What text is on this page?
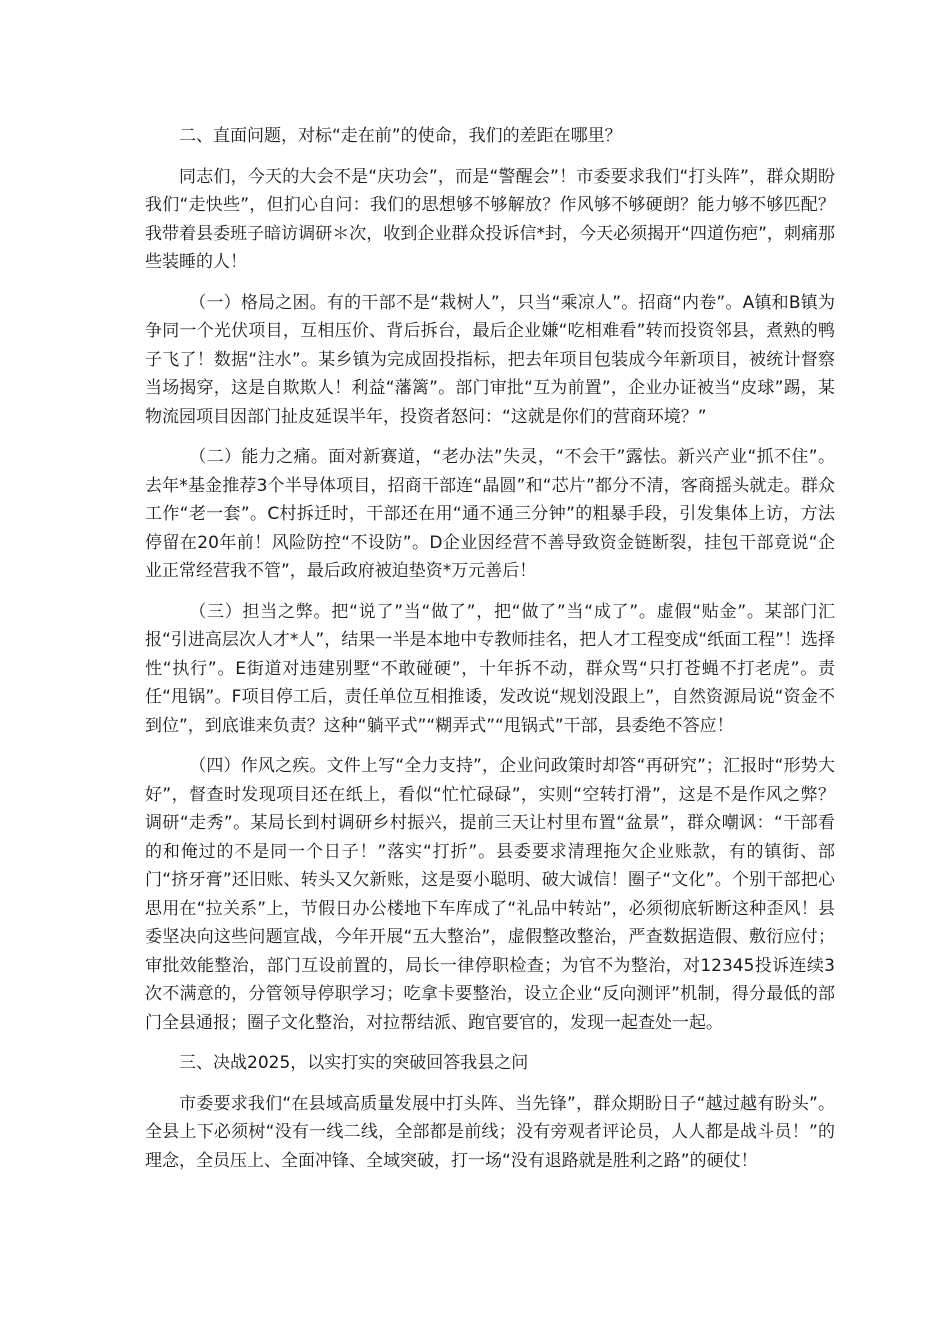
二、直面问题，对标“走在前”的使命，我们的差距在哪里？

同志们，今天的大会不是“庆功会”，而是“警醒会”！市委要求我们“打头阵”，群众期盼我们“走快些”，但扪心自问：我们的思想够不够解放？作风够不够硬朗？能力够不够匹配？我带着县委班子暗访调研＊次，收到企业群众投诉信*封，今天必须揭开“四道伤疤”，刺痛那些装睡的人！

（一）格局之困。有的干部不是“栽树人”，只当“乘凉人”。招商“内卷”。A镇和B镇为争同一个光伏项目，互相压价、背后拆台，最后企业嫌“吃相难看”转而投资邻县，煮熟的鸭子飞了！数据“注水”。某乡镇为完成固投指标，把去年项目包装成今年新项目，被统计督察当场揭穿，这是自欺欺人！利益“藩篱”。部门审批“互为前置”，企业办证被当“皮球”踢，某物流园项目因部门扯皮延误半年，投资者怒问：“这就是你们的营商环境？”

（二）能力之痛。面对新赛道，“老办法”失灵，“不会干”露怯。新兴产业“抓不住”。去年*基金推荐3个半导体项目，招商干部连“晶圆”和“芯片”都分不清，客商摇头就走。群众工作“老一套”。C村拆迁时，干部还在用“通不通三分钟”的粗暴手段，引发集体上访，方法停留在20年前！风险防控“不设防”。D企业因经营不善导致资金链断裂，挂包干部竟说“企业正常经营我不管”，最后政府被迫垫资*万元善后！

（三）担当之弊。把“说了”当“做了”，把“做了”当“成了”。虚假“贴金”。某部门汇报“引进高层次人才*人”，结果一半是本地中专教师挂名，把人才工程变成“纸面工程”！选择性“执行”。E街道对违建别墅“不敢碰硬”，十年拆不动，群众骂“只打苍蝇不打老虎”。责任“甩锅”。F项目停工后，责任单位互相推诿，发改说“规划没跟上”，自然资源局说“资金不到位”，到底谁来负责？这种“躺平式”“糊弄式”“甩锅式”干部，县委绝不答应！

（四）作风之疾。文件上写“全力支持”，企业问政策时却答“再研究”；汇报时“形势大好”，督查时发现项目还在纸上，看似“忙忙碌碌”，实则“空转打滑”，这是不是作风之弊？调研“走秀”。某局长到村调研乡村振兴，提前三天让村里布置“盆景”，群众嘲讽：“干部看的和俺过的不是同一个日子！”落实“打折”。县委要求清理拖欠企业账款，有的镇街、部门“挤牙膏”还旧账、转头又欠新账，这是耍小聪明、破大诚信！圈子“文化”。个别干部把心思用在“拉关系”上，节假日办公楼地下车库成了“礼品中转站”，必须彻底斩断这种歪风！县委坚决向这些问题宣战，今年开展“五大整治”，虚假整改整治，严查数据造假、敷衍应付；审批效能整治，部门互设前置的，局长一律停职检查；为官不为整治，对12345投诉连续3次不满意的，分管领导停职学习；吃拿卡要整治，设立企业“反向测评”机制，得分最低的部门全县通报；圈子文化整治，对拉帮结派、跑官要官的，发现一起查处一起。

三、决战2025，以实打实的突破回答我县之问

市委要求我们“在县域高质量发展中打头阵、当先锋”，群众期盼日子“越过越有盼头”。全县上下必须树“没有一线二线，全部都是前线；没有旁观者评论员，人人都是战斗员！”的理念，全员压上、全面冲锋、全域突破，打一场“没有退路就是胜利之路”的硬仗！
